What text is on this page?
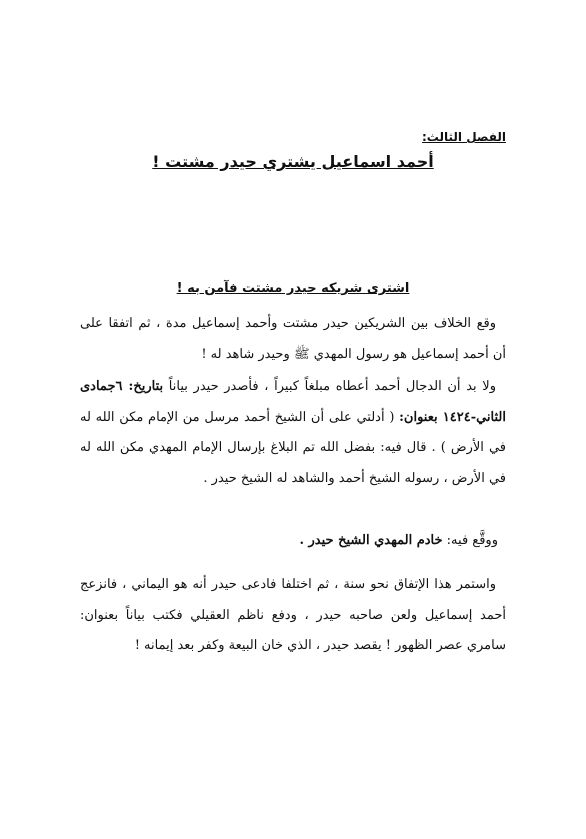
الفصل الثالث:
أحمد اسماعيل يشتري حيدر مشتت !
اشترى شريكه حيدر مشتت فآمن به !
وقع الخلاف بين الشريكين حيدر مشتت وأحمد إسماعيل مدة ، ثم اتفقا على أن أحمد إسماعيل هو رسول المهدي ﷺ وحيدر شاهد له !
ولا بد أن الدجال أحمد أعطاه مبلغاً كبيراً ، فأصدر حيدر بياناً بتاريخ: ٦جمادى الثاني-١٤٢٤ بعنوان: ( أدلتي على أن الشيخ أحمد مرسل من الإمام مكن الله له في الأرض ) . قال فيه: بفضل الله تم البلاغ بإرسال الإمام المهدي مكن الله له في الأرض ، رسوله الشيخ أحمد والشاهد له الشيخ حيدر .
ووقَّع فيه: خادم المهدي الشيخ حيدر .
واستمر هذا الإتفاق نحو سنة ، ثم اختلفا فادعى حيدر أنه هو اليماني ، فانزعج أحمد إسماعيل ولعن صاحبه حيدر ، ودفع ناظم العقيلي فكتب بياناً بعنوان: سامري عصر الظهور ! يقصد حيدر ، الذي خان البيعة وكفر بعد إيمانه !
